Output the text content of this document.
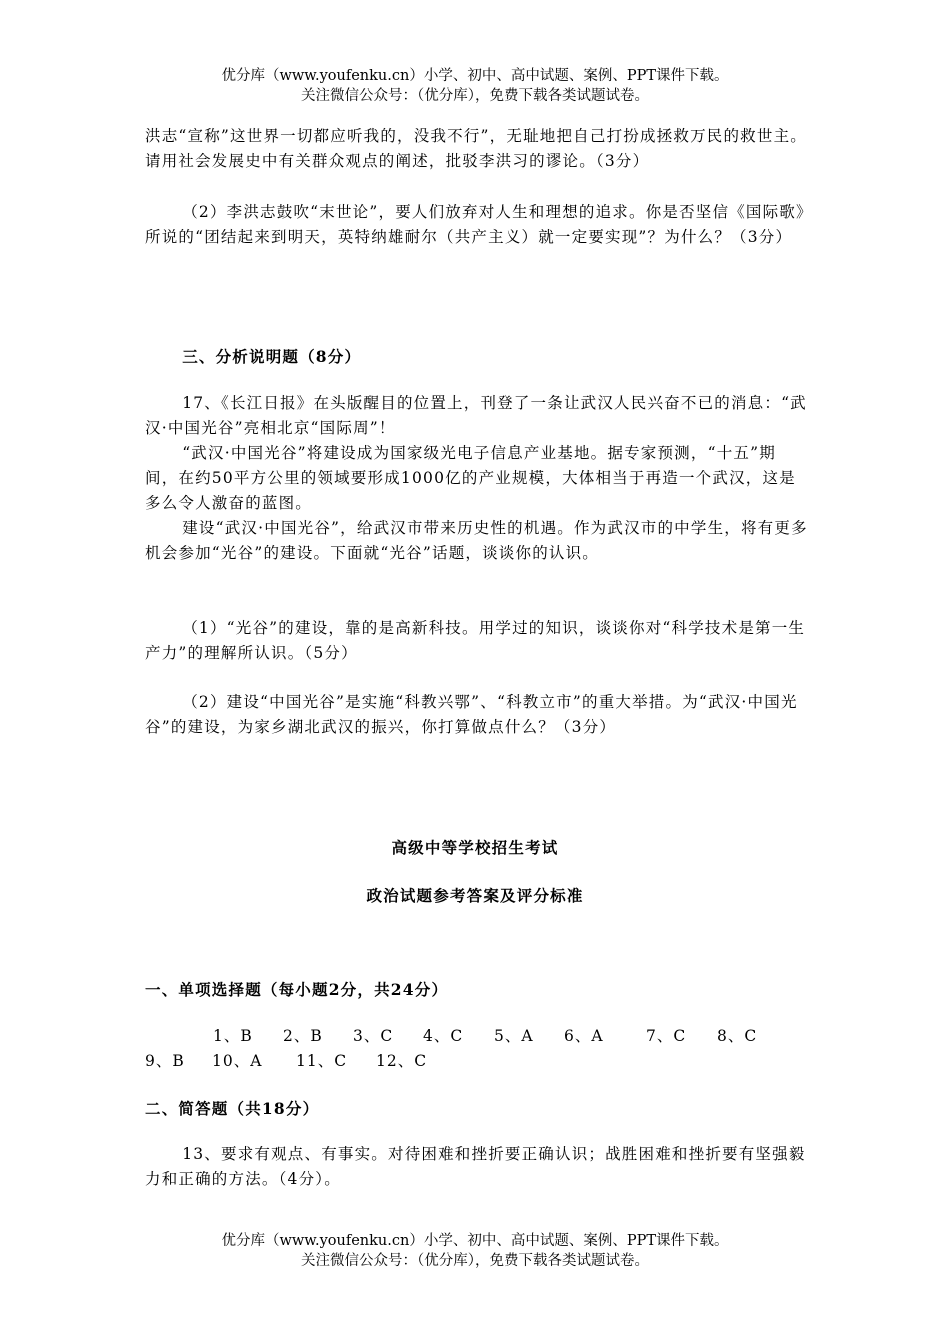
优分库（www.youfenku.cn）小学、初中、高中试题、案例、PPT课件下载。
关注微信公众号：（优分库），免费下载各类试题试卷。

洪志“宣称”这世界一切都应听我的，没我不行”，无耻地把自己打扮成拯救万民的救世主。请用社会发展史中有关群众观点的阐述，批驳李洪习的谬论。（3分）

（2）李洪志鼓吹“末世论”，要人们放弃对人生和理想的追求。你是否坚信《国际歌》所说的“团结起来到明天，英特纳雄耐尔（共产主义）就一定要实现”？为什么？（3分）

三、分析说明题（8分）

17、《长江日报》在头版醒目的位置上，刊登了一条让武汉人民兴奋不已的消息：“武汉·中国光谷”亮相北京“国际周”！

“武汉·中国光谷”将建设成为国家级光电子信息产业基地。据专家预测，“十五”期间，在约50平方公里的领域要形成1000亿的产业规模，大体相当于再造一个武汉，这是多么令人激奋的蓝图。

建设“武汉·中国光谷”，给武汉市带来历史性的机遇。作为武汉市的中学生，将有更多机会参加“光谷”的建设。下面就“光谷”话题，谈谈你的认识。

（1）“光谷”的建设，靠的是高新科技。用学过的知识，谈谈你对“科学技术是第一生产力”的理解所认识。（5分）

（2）建设“中国光谷”是实施“科教兴鄂”、“科教立市”的重大举措。为“武汉·中国光谷”的建设，为家乡湖北武汉的振兴，你打算做点什么？（3分）

高级中等学校招生考试

政治试题参考答案及评分标准

一、单项选择题（每小题2分，共24分）

1、B 2、B 3、C 4、C 5、A 6、A	7、C 8、C
9、B 10、A 11、C 12、C

二、简答题（共18分）

13、要求有观点、有事实。对待困难和挫折要正确认识；战胜困难和挫折要有坚强毅力和正确的方法。（4分）。

优分库（www.youfenku.cn）小学、初中、高中试题、案例、PPT课件下载。
关注微信公众号：（优分库），免费下载各类试题试卷。
